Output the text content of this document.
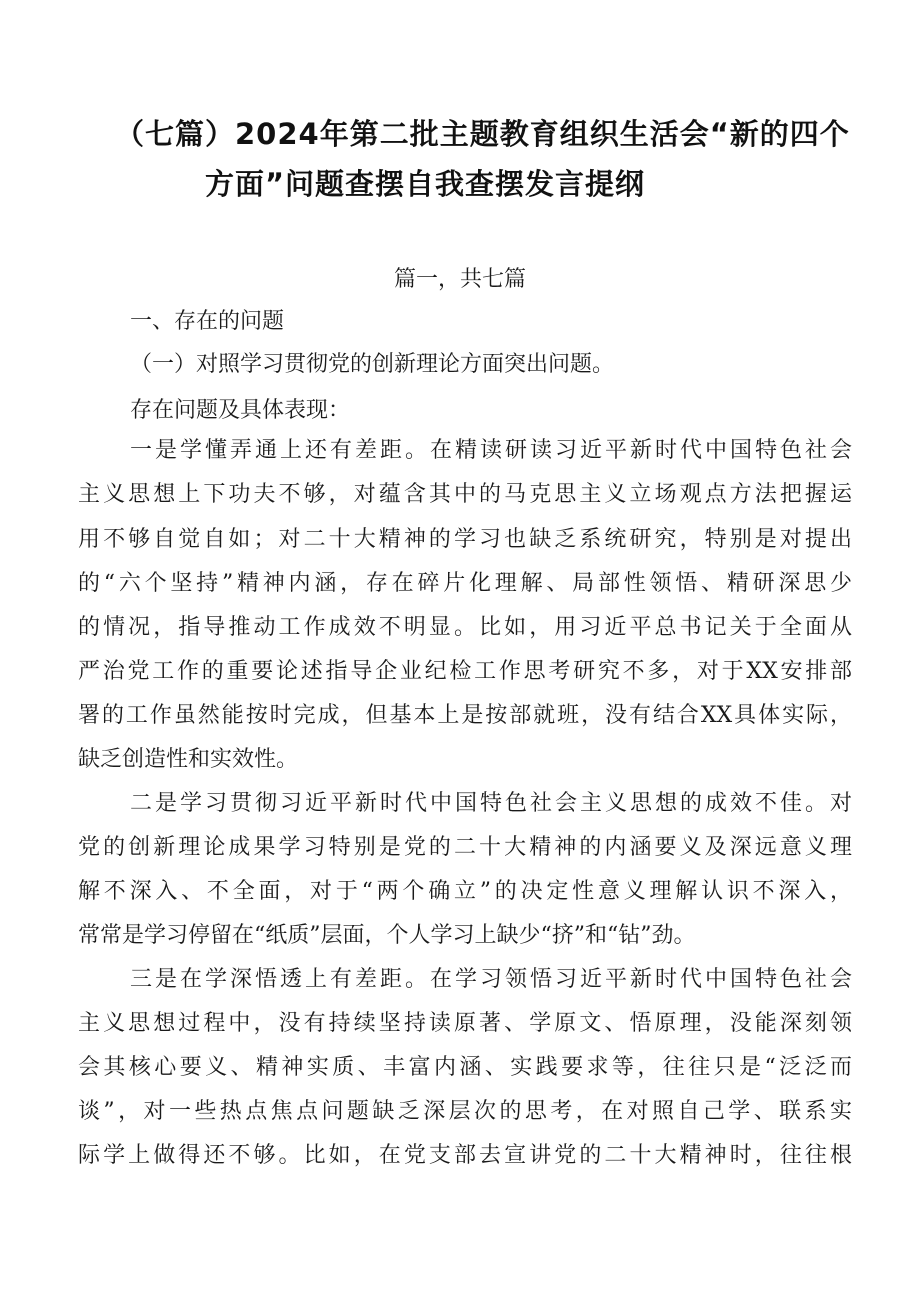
（七篇）2024年第二批主题教育组织生活会“新的四个
方面”问题查摆自我查摆发言提纲
篇一，共七篇
一、存在的问题
（一）对照学习贯彻党的创新理论方面突出问题。
存在问题及具体表现：
一是学懂弄通上还有差距。在精读研读习近平新时代中国特色社会
主义思想上下功夫不够，对蕴含其中的马克思主义立场观点方法把握运
用不够自觉自如；对二十大精神的学习也缺乏系统研究，特别是对提出
的“六个坚持”精神内涵，存在碎片化理解、局部性领悟、精研深思少
的情况，指导推动工作成效不明显。比如，用习近平总书记关于全面从
严治党工作的重要论述指导企业纪检工作思考研究不多，对于XX安排部
署的工作虽然能按时完成，但基本上是按部就班，没有结合XX具体实际，
缺乏创造性和实效性。
二是学习贯彻习近平新时代中国特色社会主义思想的成效不佳。对
党的创新理论成果学习特别是党的二十大精神的内涵要义及深远意义理
解不深入、不全面，对于“两个确立”的决定性意义理解认识不深入，
常常是学习停留在“纸质”层面，个人学习上缺少“挤”和“钻”劲。
三是在学深悟透上有差距。在学习领悟习近平新时代中国特色社会
主义思想过程中，没有持续坚持读原著、学原文、悟原理，没能深刻领
会其核心要义、精神实质、丰富内涵、实践要求等，往往只是“泛泛而
谈”，对一些热点焦点问题缺乏深层次的思考，在对照自己学、联系实
际学上做得还不够。比如，在党支部去宣讲党的二十大精神时，往往根
